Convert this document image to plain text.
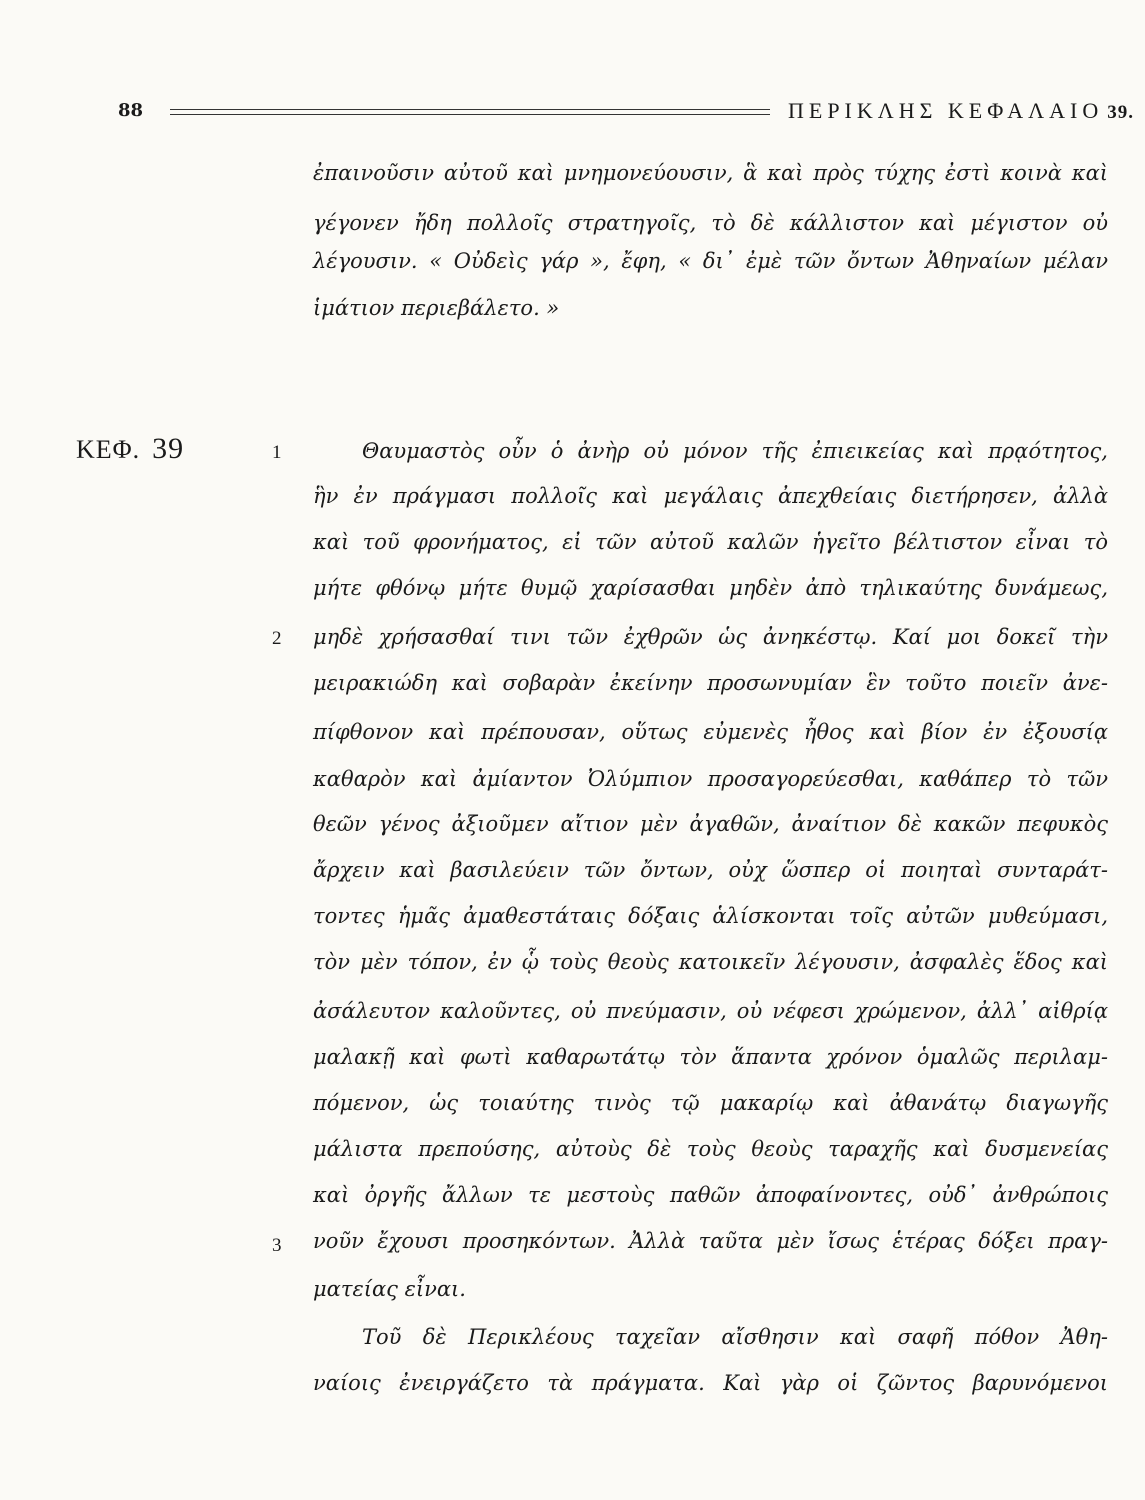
88	ΠΕΡΙΚΛΗΣ ΚΕΦΑΛΑΙΟ 39.
ΚΕΦ. 39	1
2
3
ἐπαινοῦσιν αὐτοῦ καὶ μνημονεύουσιν, ἃ καὶ πρὸς τύχης ἐστὶ κοινὰ καὶ
γέγονεν ἤδη πολλοῖς στρατηγοῖς, τὸ δὲ κάλλιστον καὶ μέγιστον οὐ
λέγουσιν. « Οὐδεὶς γάρ », ἔφη, « δι᾽ ἐμὲ τῶν ὄντων Ἀθηναίων μέλαν
ἱμάτιον περιεβάλετο. »
Θαυμαστὸς οὖν ὁ ἀνὴρ οὐ μόνον τῆς ἐπιεικείας καὶ πρᾳότητος,
ἣν ἐν πράγμασι πολλοῖς καὶ μεγάλαις ἀπεχθείαις διετήρησεν, ἀλλὰ
καὶ τοῦ φρονήματος, εἰ τῶν αὐτοῦ καλῶν ἡγεῖτο βέλτιστον εἶναι τὸ
μήτε φθόνῳ μήτε θυμῷ χαρίσασθαι μηδὲν ἀπὸ τηλικαύτης δυνάμεως,
μηδὲ χρήσασθαί τινι τῶν ἐχθρῶν ὡς ἀνηκέστῳ. Καί μοι δοκεῖ τὴν
μειρακιώδη καὶ σοβαρὰν ἐκείνην προσωνυμίαν ἓν τοῦτο ποιεῖν ἀνε-
πίφθονον καὶ πρέπουσαν, οὕτως εὐμενὲς ἦθος καὶ βίον ἐν ἐξουσίᾳ
καθαρὸν καὶ ἀμίαντον Ὀλύμπιον προσαγορεύεσθαι, καθάπερ τὸ τῶν
θεῶν γένος ἀξιοῦμεν αἴτιον μὲν ἀγαθῶν, ἀναίτιον δὲ κακῶν πεφυκὸς
ἄρχειν καὶ βασιλεύειν τῶν ὄντων, οὐχ ὥσπερ οἱ ποιηταὶ συνταράτ-
τοντες ἡμᾶς ἀμαθεστάταις δόξαις ἁλίσκονται τοῖς αὐτῶν μυθεύμασι,
τὸν μὲν τόπον, ἐν ᾧ τοὺς θεοὺς κατοικεῖν λέγουσιν, ἀσφαλὲς ἕδος καὶ
ἀσάλευτον καλοῦντες, οὐ πνεύμασιν, οὐ νέφεσι χρώμενον, ἀλλ᾽ αἰθρίᾳ
μαλακῇ καὶ φωτὶ καθαρωτάτῳ τὸν ἅπαντα χρόνον ὁμαλῶς περιλαμ-
πόμενον, ὡς τοιαύτης τινὸς τῷ μακαρίῳ καὶ ἀθανάτῳ διαγωγῆς
μάλιστα πρεπούσης, αὐτοὺς δὲ τοὺς θεοὺς ταραχῆς καὶ δυσμενείας
καὶ ὀργῆς ἄλλων τε μεστοὺς παθῶν ἀποφαίνοντες, οὐδ᾽ ἀνθρώποις
νοῦν ἔχουσι προσηκόντων. Ἀλλὰ ταῦτα μὲν ἴσως ἑτέρας δόξει πραγ-
ματείας εἶναι.
Τοῦ δὲ Περικλέους ταχεῖαν αἴσθησιν καὶ σαφῆ πόθον Ἀθη-
ναίοις ἐνειργάζετο τὰ πράγματα. Καὶ γὰρ οἱ ζῶντος βαρυνόμενοι
